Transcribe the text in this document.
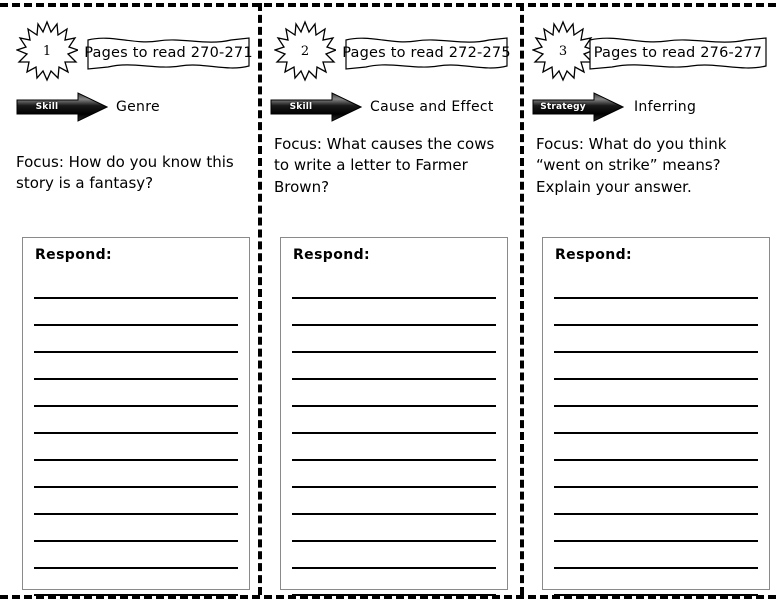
1	Pages to read 270-271
Skill	Genre
Focus: How do you know this story is a fantasy?
Respond:
2	Pages to read 272-275
Skill	Cause and Effect
Focus: What causes the cows to write a letter to Farmer Brown?
Respond:
3	Pages to read 276-277
Strategy	Inferring
Focus: What do you think “went on strike” means? Explain your answer.
Respond:
